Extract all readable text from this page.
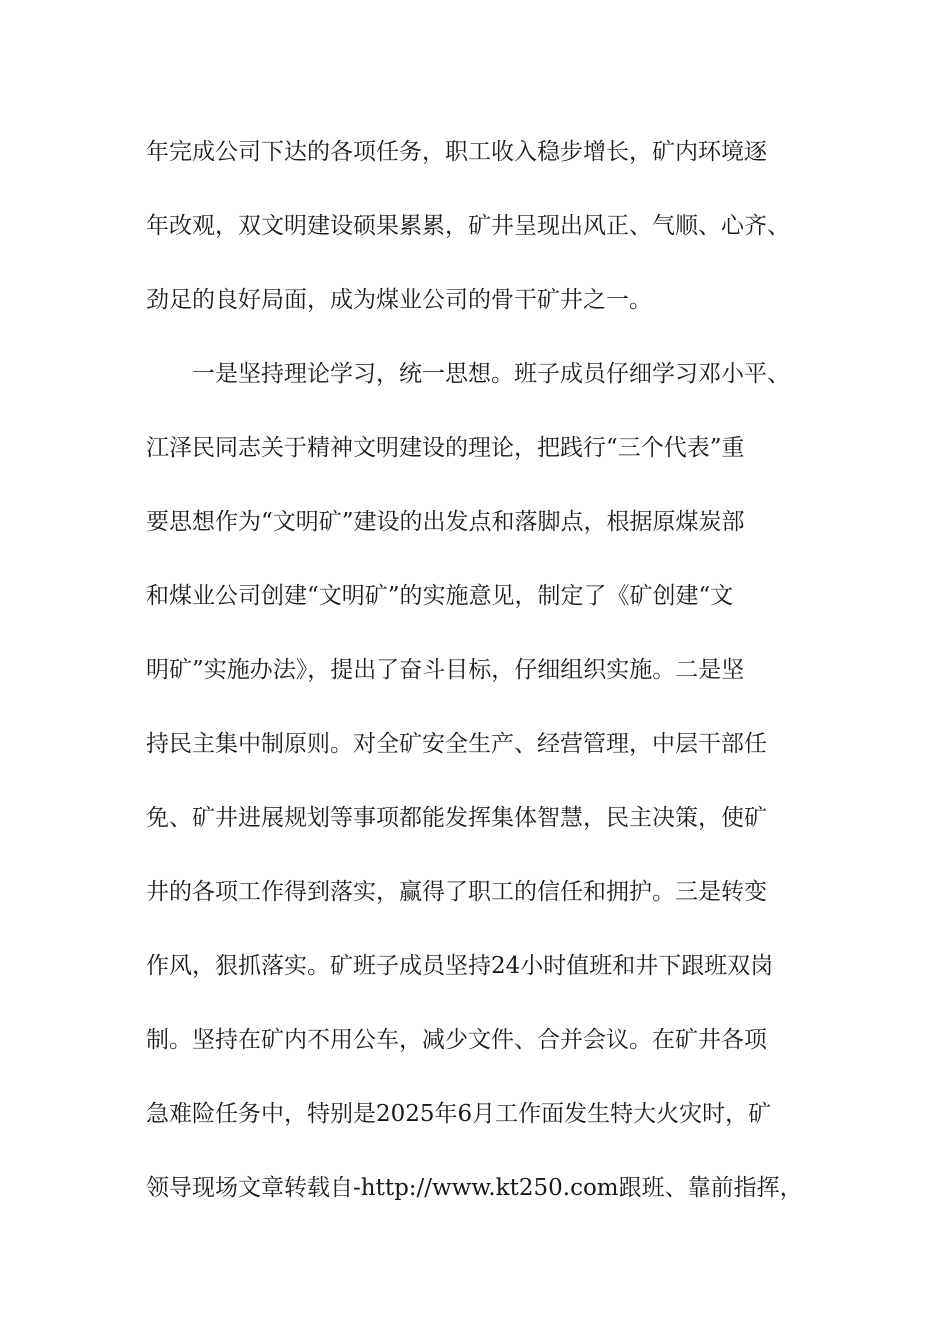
年完成公司下达的各项任务，职工收入稳步增长，矿内环境逐
年改观，双文明建设硕果累累，矿井呈现出风正、气顺、心齐、
劲足的良好局面，成为煤业公司的骨干矿井之一。
一是坚持理论学习，统一思想。班子成员仔细学习邓小平、
江泽民同志关于精神文明建设的理论，把践行“三个代表”重
要思想作为“文明矿”建设的出发点和落脚点，根据原煤炭部
和煤业公司创建“文明矿”的实施意见，制定了《矿创建“文
明矿”实施办法》，提出了奋斗目标，仔细组织实施。二是坚
持民主集中制原则。对全矿安全生产、经营管理，中层干部任
免、矿井进展规划等事项都能发挥集体智慧，民主决策，使矿
井的各项工作得到落实，赢得了职工的信任和拥护。三是转变
作风，狠抓落实。矿班子成员坚持24小时值班和井下跟班双岗
制。坚持在矿内不用公车，减少文件、合并会议。在矿井各项
急难险任务中，特别是2025年6月工作面发生特大火灾时，矿
领导现场文章转载自-http://www.kt250.com跟班、靠前指挥，
